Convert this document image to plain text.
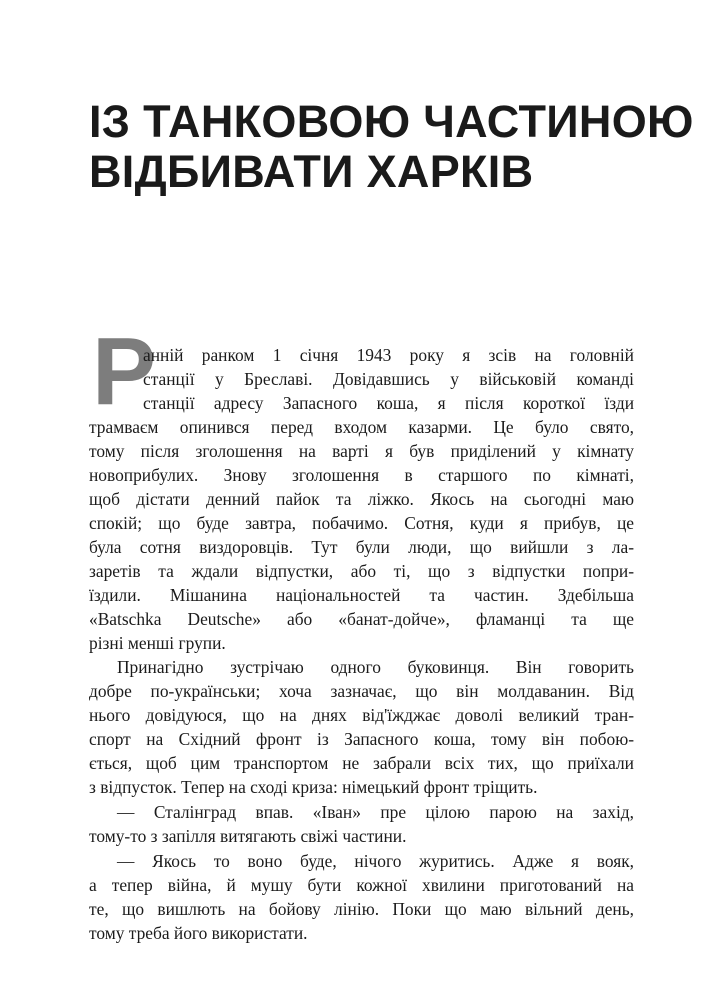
ІЗ ТАНКОВОЮ ЧАСТИНОЮ
ВІДБИВАТИ ХАРКІВ
Р
анній ранком 1 січня 1943 року я зсів на головній
станції у Бреславі. Довідавшись у військовій команді
станції адресу Запасного коша, я після короткої їзди
трамваєм опинився перед входом казарми. Це було свято,
тому після зголошення на варті я був приділений у кімнату
новоприбулих. Знову зголошення в старшого по кімнаті,
щоб дістати денний пайок та ліжко. Якось на сьогодні маю
спокій; що буде завтра, побачимо. Сотня, куди я прибув, це
була сотня виздоровців. Тут були люди, що вийшли з ла-
заретів та ждали відпустки, або ті, що з відпустки попри-
їздили. Мішанина національностей та частин. Здебільша
«Batschka Deutsche» або «банат-дойче», фламанці та ще
різні менші групи.
Принагідно зустрічаю одного буковинця. Він говорить
добре по-українськи; хоча зазначає, що він молдаванин. Від
нього довідуюся, що на днях від'їжджає доволі великий тран-
спорт на Східний фронт із Запасного коша, тому він побою-
ється, щоб цим транспортом не забрали всіх тих, що приїхали
з відпусток. Тепер на сході криза: німецький фронт тріщить.
— Сталінград впав. «Іван» пре цілою парою на захід,
тому-то з запілля витягають свіжі частини.
— Якось то воно буде, нічого журитись. Адже я вояк,
а тепер війна, й мушу бути кожної хвилини приготований на
те, що вишлють на бойову лінію. Поки що маю вільний день,
тому треба його використати.
